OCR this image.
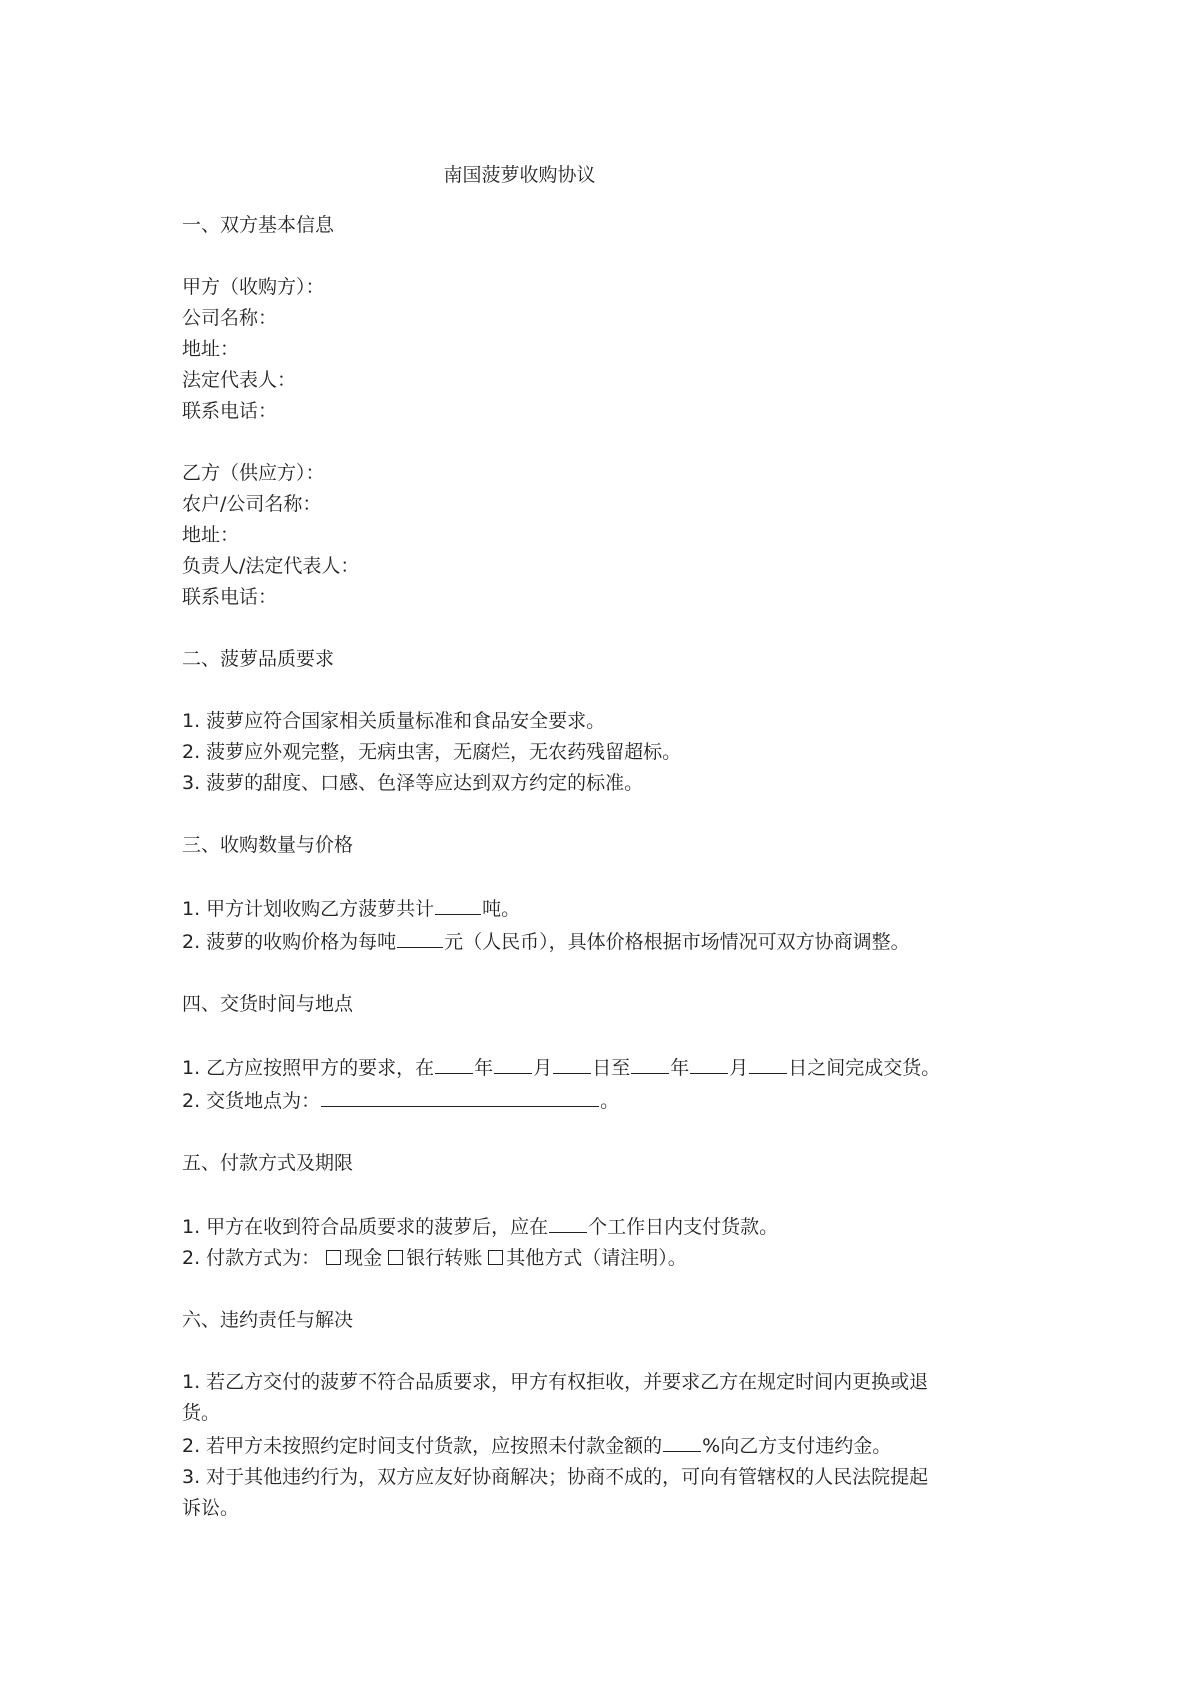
南国菠萝收购协议
一、双方基本信息
甲方（收购方）：
公司名称：
地址：
法定代表人：
联系电话：
乙方（供应方）：
农户/公司名称：
地址：
负责人/法定代表人：
联系电话：
二、菠萝品质要求
1. 菠萝应符合国家相关质量标准和食品安全要求。
2. 菠萝应外观完整，无病虫害，无腐烂，无农药残留超标。
3. 菠萝的甜度、口感、色泽等应达到双方约定的标准。
三、收购数量与价格
1. 甲方计划收购乙方菠萝共计	吨。
2. 菠萝的收购价格为每吨	元（人民币），具体价格根据市场情况可双方协商调整。
四、交货时间与地点
1. 乙方应按照甲方的要求，在 年 月 日至 年 月 日之间完成交货。
2. 交货地点为：	。
五、付款方式及期限
1. 甲方在收到符合品质要求的菠萝后，应在 个工作日内支付货款。
2. 付款方式为： 现金 银行转账 其他方式（请注明）。
六、违约责任与解决
1. 若乙方交付的菠萝不符合品质要求，甲方有权拒收，并要求乙方在规定时间内更换或退
货。
2. 若甲方未按照约定时间支付货款，应按照未付款金额的 %向乙方支付违约金。
3. 对于其他违约行为，双方应友好协商解决；协商不成的，可向有管辖权的人民法院提起
诉讼。
